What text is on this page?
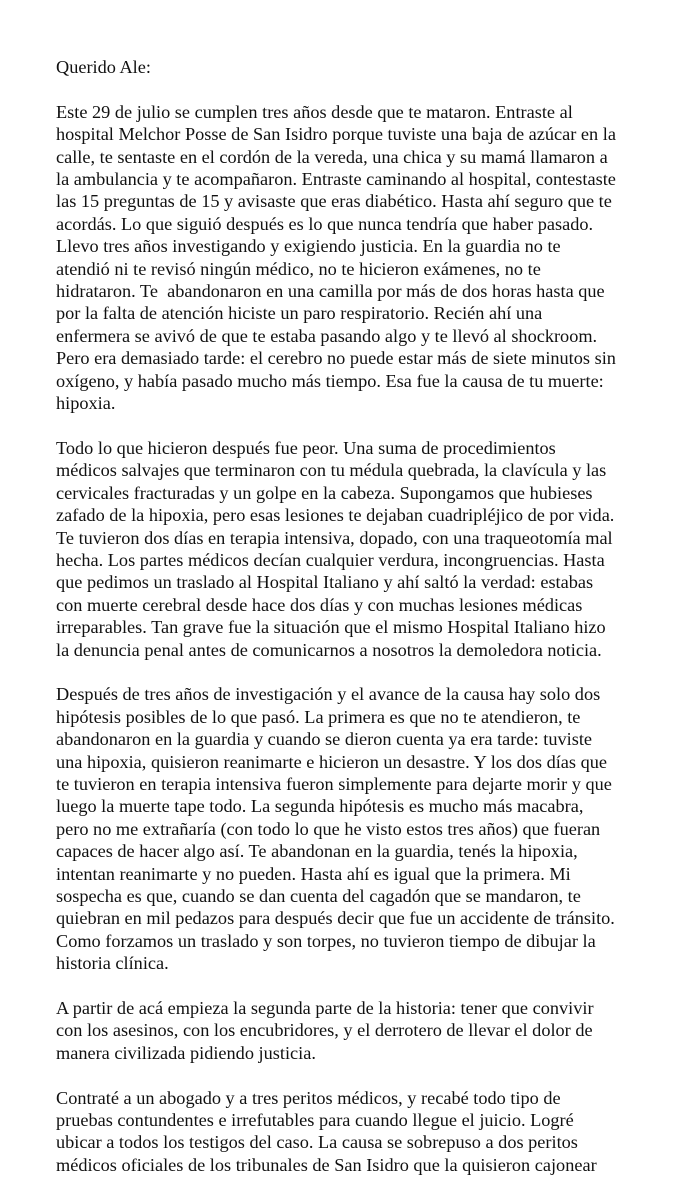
Querido Ale:

Este 29 de julio se cumplen tres años desde que te mataron. Entraste al
hospital Melchor Posse de San Isidro porque tuviste una baja de azúcar en la
calle, te sentaste en el cordón de la vereda, una chica y su mamá llamaron a
la ambulancia y te acompañaron. Entraste caminando al hospital, contestaste
las 15 preguntas de 15 y avisaste que eras diabético. Hasta ahí seguro que te
acordás. Lo que siguió después es lo que nunca tendría que haber pasado.
Llevo tres años investigando y exigiendo justicia. En la guardia no te
atendió ni te revisó ningún médico, no te hicieron exámenes, no te
hidrataron. Te  abandonaron en una camilla por más de dos horas hasta que
por la falta de atención hiciste un paro respiratorio. Recién ahí una
enfermera se avivó de que te estaba pasando algo y te llevó al shockroom.
Pero era demasiado tarde: el cerebro no puede estar más de siete minutos sin
oxígeno, y había pasado mucho más tiempo. Esa fue la causa de tu muerte:
hipoxia.

Todo lo que hicieron después fue peor. Una suma de procedimientos
médicos salvajes que terminaron con tu médula quebrada, la clavícula y las
cervicales fracturadas y un golpe en la cabeza. Supongamos que hubieses
zafado de la hipoxia, pero esas lesiones te dejaban cuadripléjico de por vida.
Te tuvieron dos días en terapia intensiva, dopado, con una traqueotomía mal
hecha. Los partes médicos decían cualquier verdura, incongruencias. Hasta
que pedimos un traslado al Hospital Italiano y ahí saltó la verdad: estabas
con muerte cerebral desde hace dos días y con muchas lesiones médicas
irreparables. Tan grave fue la situación que el mismo Hospital Italiano hizo
la denuncia penal antes de comunicarnos a nosotros la demoledora noticia.

Después de tres años de investigación y el avance de la causa hay solo dos
hipótesis posibles de lo que pasó. La primera es que no te atendieron, te
abandonaron en la guardia y cuando se dieron cuenta ya era tarde: tuviste
una hipoxia, quisieron reanimarte e hicieron un desastre. Y los dos días que
te tuvieron en terapia intensiva fueron simplemente para dejarte morir y que
luego la muerte tape todo. La segunda hipótesis es mucho más macabra,
pero no me extrañaría (con todo lo que he visto estos tres años) que fueran
capaces de hacer algo así. Te abandonan en la guardia, tenés la hipoxia,
intentan reanimarte y no pueden. Hasta ahí es igual que la primera. Mi
sospecha es que, cuando se dan cuenta del cagadón que se mandaron, te
quiebran en mil pedazos para después decir que fue un accidente de tránsito.
Como forzamos un traslado y son torpes, no tuvieron tiempo de dibujar la
historia clínica.

A partir de acá empieza la segunda parte de la historia: tener que convivir
con los asesinos, con los encubridores, y el derrotero de llevar el dolor de
manera civilizada pidiendo justicia.

Contraté a un abogado y a tres peritos médicos, y recabé todo tipo de
pruebas contundentes e irrefutables para cuando llegue el juicio. Logré
ubicar a todos los testigos del caso. La causa se sobrepuso a dos peritos
médicos oficiales de los tribunales de San Isidro que la quisieron cajonear
